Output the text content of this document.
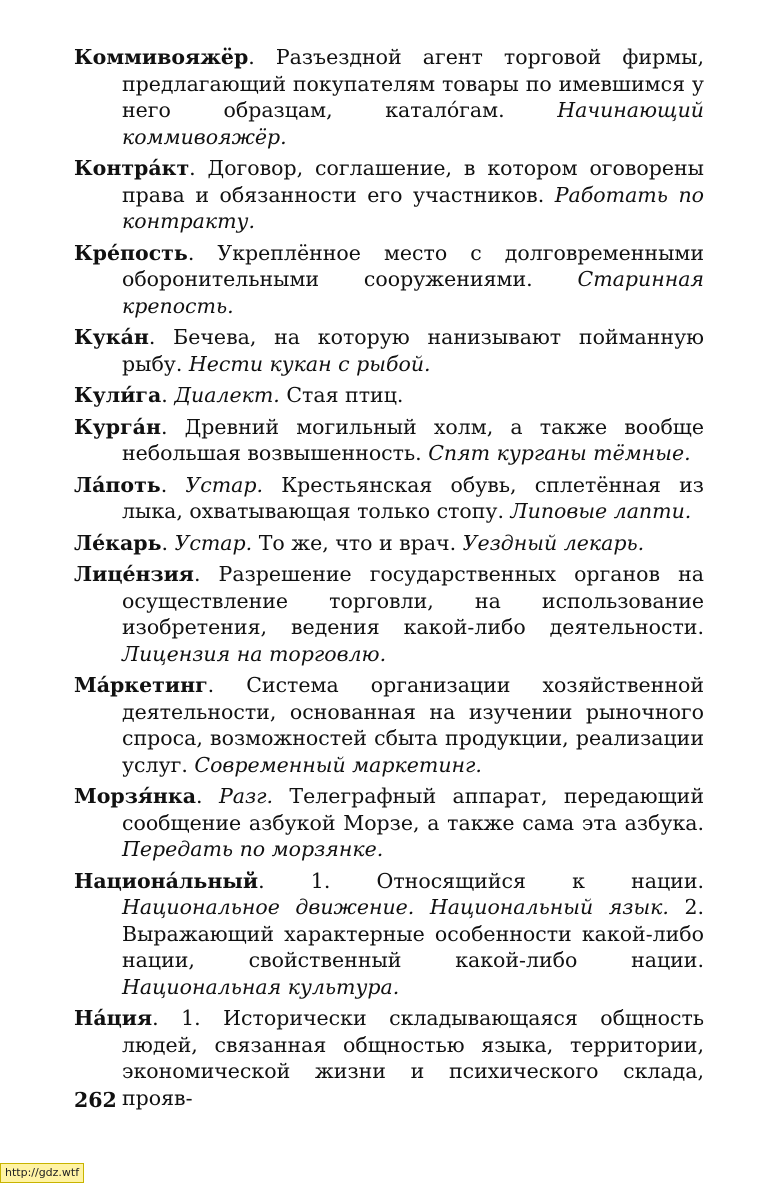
Коммивояжёр. Разъездной агент торговой фирмы, предлагающий покупателям товары по имевшимся у него образцам, катало́гам. Начинающий коммивояжёр.

Контра́кт. Договор, соглашение, в котором оговорены права и обязанности его участников. Работать по контракту.

Кре́пость. Укреплённое место с долговременными оборонительными сооружениями. Старинная крепость.

Кука́н. Бечева, на которую нанизывают пойманную рыбу. Нести кукан с рыбой.

Кули́га. Диалект. Стая птиц.

Курга́н. Древний могильный холм, а также вообще небольшая возвышенность. Спят курганы тёмные.

Ла́поть. Устар. Крестьянская обувь, сплетённая из лыка, охватывающая только стопу. Липовые лапти.

Ле́карь. Устар. То же, что и врач. Уездный лекарь.

Лице́нзия. Разрешение государственных органов на осуществление торговли, на использование изобретения, ведения какой-либо деятельности. Лицензия на торговлю.

Ма́ркетинг. Система организации хозяйственной деятельности, основанная на изучении рыночного спроса, возможностей сбыта продукции, реализации услуг. Современный маркетинг.

Морзя́нка. Разг. Телеграфный аппарат, передающий сообщение азбукой Морзе, а также сама эта азбука. Передать по морзянке.

Национа́льный. 1. Относящийся к нации. Национальное движение. Национальный язык. 2. Выражающий характерные особенности какой-либо нации, свойственный какой-либо нации. Национальная культура.

На́ция. 1. Исторически складывающаяся общность людей, связанная общностью языка, территории, экономической жизни и психического склада, прояв-

262
http://gdz.wtf
